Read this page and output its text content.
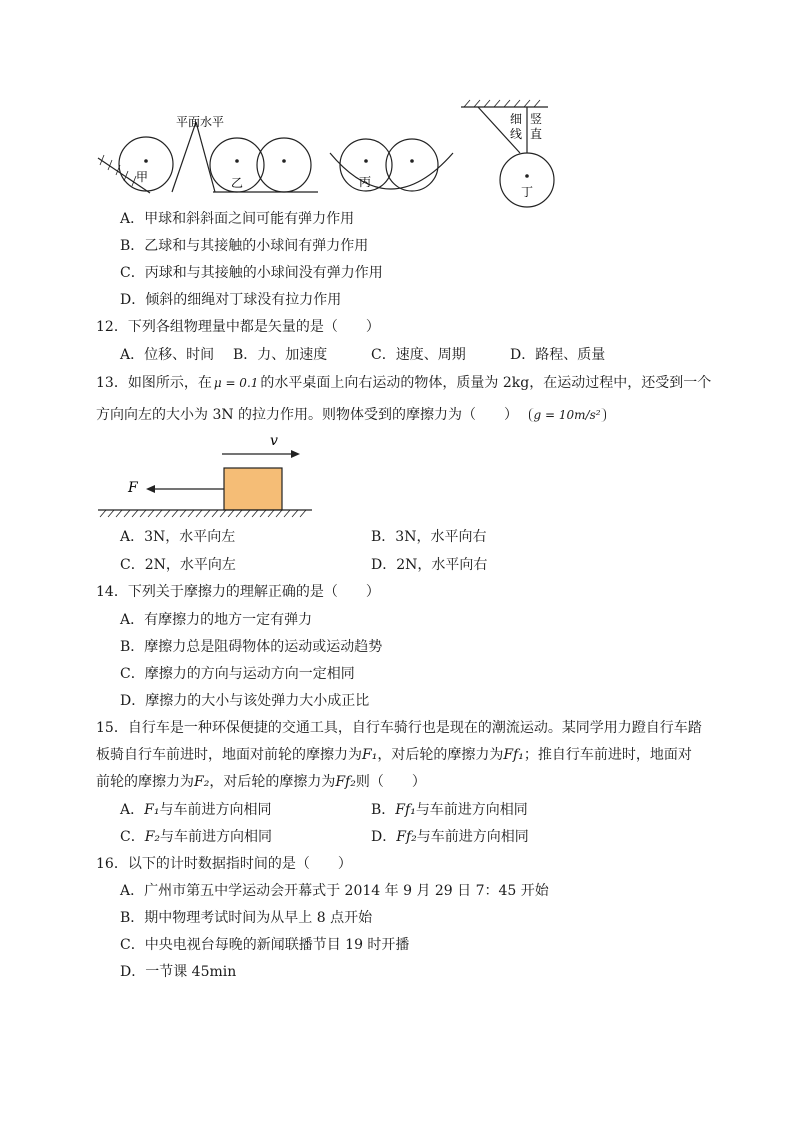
平面水平
甲	乙	丙
丁
细
线
竖
直
A．甲球和斜斜面之间可能有弹力作用
B．乙球和与其接触的小球间有弹力作用
C．丙球和与其接触的小球间没有弹力作用
D．倾斜的细绳对丁球没有拉力作用
12．下列各组物理量中都是矢量的是（　　）
A．位移、时间 B．力、加速度	C．速度、周期	D．路程、质量
13．如图所示，在 μ = 0.1 的水平桌面上向右运动的物体，质量为 2kg，在运动过程中，还受到一个
方向向左的大小为 3N 的拉力作用。则物体受到的摩擦力为（　　） g = 10m/s²
v
F
A．3N，水平向左	B．3N，水平向右
C．2N，水平向左	D．2N，水平向右
14．下列关于摩擦力的理解正确的是（　　）
A．有摩擦力的地方一定有弹力
B．摩擦力总是阻碍物体的运动或运动趋势
C．摩擦力的方向与运动方向一定相同
D．摩擦力的大小与该处弹力大小成正比
15．自行车是一种环保便捷的交通工具，自行车骑行也是现在的潮流运动。某同学用力蹬自行车踏
板骑自行车前进时，地面对前轮的摩擦力为F₁，对后轮的摩擦力为F𝑓₁；推自行车前进时，地面对
前轮的摩擦力为F₂，对后轮的摩擦力为F𝑓₂则（　　）
A．F₁与车前进方向相同	B．F𝑓₁与车前进方向相同
C．F₂与车前进方向相同	D．F𝑓₂与车前进方向相同
16．以下的计时数据指时间的是（　　）
A．广州市第五中学运动会开幕式于 2014 年 9 月 29 日 7：45 开始
B．期中物理考试时间为从早上 8 点开始
C．中央电视台每晚的新闻联播节目 19 时开播
D．一节课 45min
